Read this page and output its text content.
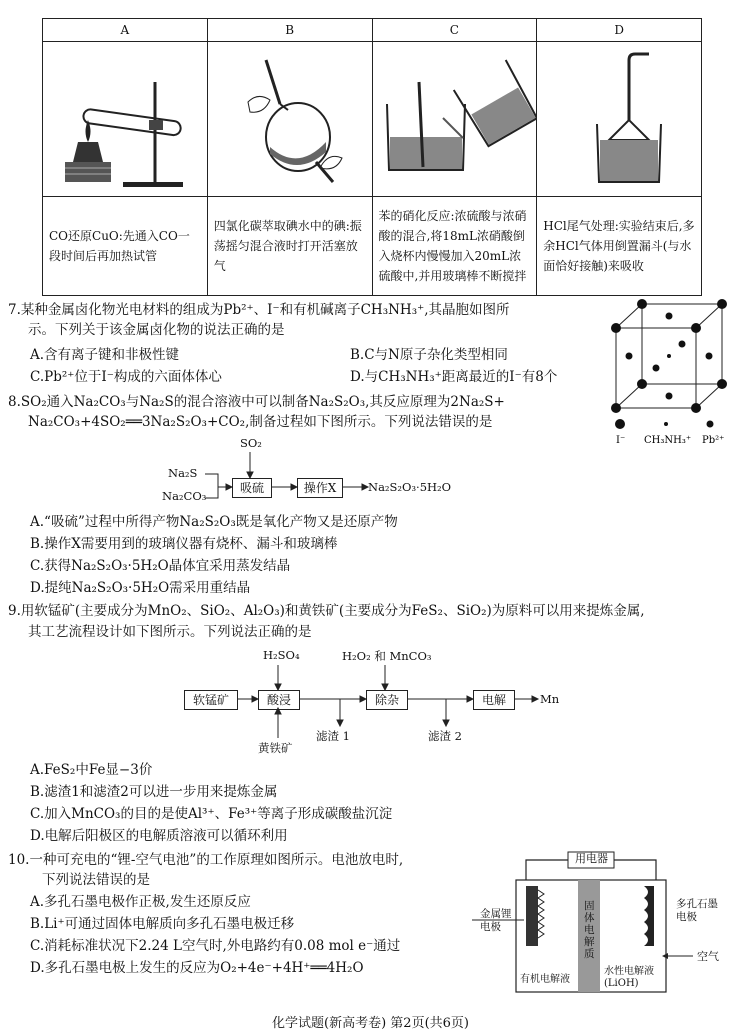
A	B	C	D

CO还原CuO:先通入CO一段时间后再加热试管	四氯化碳萃取碘水中的碘:振荡摇匀混合液时打开活塞放气	苯的硝化反应:浓硫酸与浓硝酸的混合,将18mL浓硝酸倒入烧杯内慢慢加入20mL浓硫酸中,并用玻璃棒不断搅拌	HCl尾气处理:实验结束后,多余HCl气体用倒置漏斗(与水面恰好接触)来吸收
7.某种金属卤化物光电材料的组成为Pb²⁺、I⁻和有机碱离子CH₃NH₃⁺,其晶胞如图所
示。下列关于该金属卤化物的说法正确的是
A.含有离子键和非极性键	B.C与N原子杂化类型相同
C.Pb²⁺位于I⁻构成的六面体体心	D.与CH₃NH₃⁺距离最近的I⁻有8个
I⁻ CH₃NH₃⁺ Pb²⁺
8.SO₂通入Na₂CO₃与Na₂S的混合溶液中可以制备Na₂S₂O₃,其反应原理为2Na₂S+
Na₂CO₃+4SO₂══3Na₂S₂O₃+CO₂,制备过程如下图所示。下列说法错误的是
SO₂
Na₂S
Na₂CO₃
吸硫	操作X	Na₂S₂O₃·5H₂O
A.“吸硫”过程中所得产物Na₂S₂O₃既是氧化产物又是还原产物
B.操作X需要用到的玻璃仪器有烧杯、漏斗和玻璃棒
C.获得Na₂S₂O₃·5H₂O晶体宜采用蒸发结晶
D.提纯Na₂S₂O₃·5H₂O需采用重结晶
9.用软锰矿(主要成分为MnO₂、SiO₂、Al₂O₃)和黄铁矿(主要成分为FeS₂、SiO₂)为原料可以用来提炼金属,
其工艺流程设计如下图所示。下列说法正确的是
H₂SO₄	H₂O₂ 和 MnCO₃
软锰矿	酸浸	除杂	电解	Mn
黄铁矿
滤渣 1	滤渣 2
A.FeS₂中Fe显−3价
B.滤渣1和滤渣2可以进一步用来提炼金属
C.加入MnCO₃的目的是使Al³⁺、Fe³⁺等离子形成碳酸盐沉淀
D.电解后阳极区的电解质溶液可以循环利用
10.一种可充电的“锂-空气电池”的工作原理如图所示。电池放电时,
下列说法错误的是
A.多孔石墨电极作正极,发生还原反应
B.Li⁺可通过固体电解质向多孔石墨电极迁移
C.消耗标准状况下2.24 L空气时,外电路约有0.08 mol e⁻通过
D.多孔石墨电极上发生的反应为O₂+4e⁻+4H⁺══4H₂O
用电器
金属锂电极
多孔石墨电极
固体电解质
有机电解液
水性电解液(LiOH)
空气
化学试题(新高考卷) 第2页(共6页)
